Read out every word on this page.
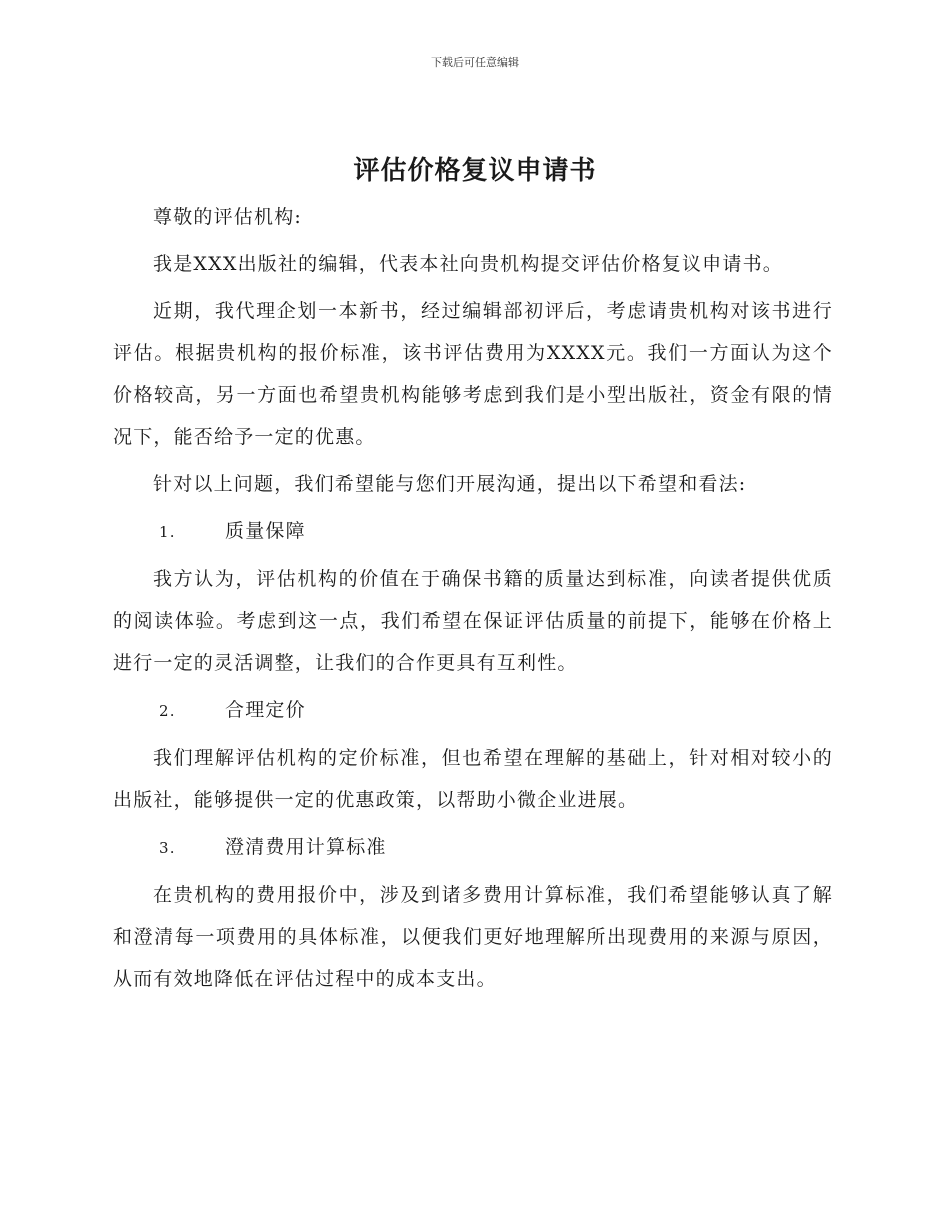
下载后可任意编辑
评估价格复议申请书

尊敬的评估机构:

我是XXX出版社的编辑，代表本社向贵机构提交评估价格复议申请书。

近期，我代理企划一本新书，经过编辑部初评后，考虑请贵机构对该书进行评估。根据贵机构的报价标准，该书评估费用为XXXX元。我们一方面认为这个价格较高，另一方面也希望贵机构能够考虑到我们是小型出版社，资金有限的情况下，能否给予一定的优惠。

针对以上问题，我们希望能与您们开展沟通，提出以下希望和看法:

1.	质量保障

我方认为，评估机构的价值在于确保书籍的质量达到标准，向读者提供优质的阅读体验。考虑到这一点，我们希望在保证评估质量的前提下，能够在价格上进行一定的灵活调整，让我们的合作更具有互利性。

2.	合理定价

我们理解评估机构的定价标准，但也希望在理解的基础上，针对相对较小的出版社，能够提供一定的优惠政策，以帮助小微企业进展。

3.	澄清费用计算标准

在贵机构的费用报价中，涉及到诸多费用计算标准，我们希望能够认真了解和澄清每一项费用的具体标准，以便我们更好地理解所出现费用的来源与原因，从而有效地降低在评估过程中的成本支出。
